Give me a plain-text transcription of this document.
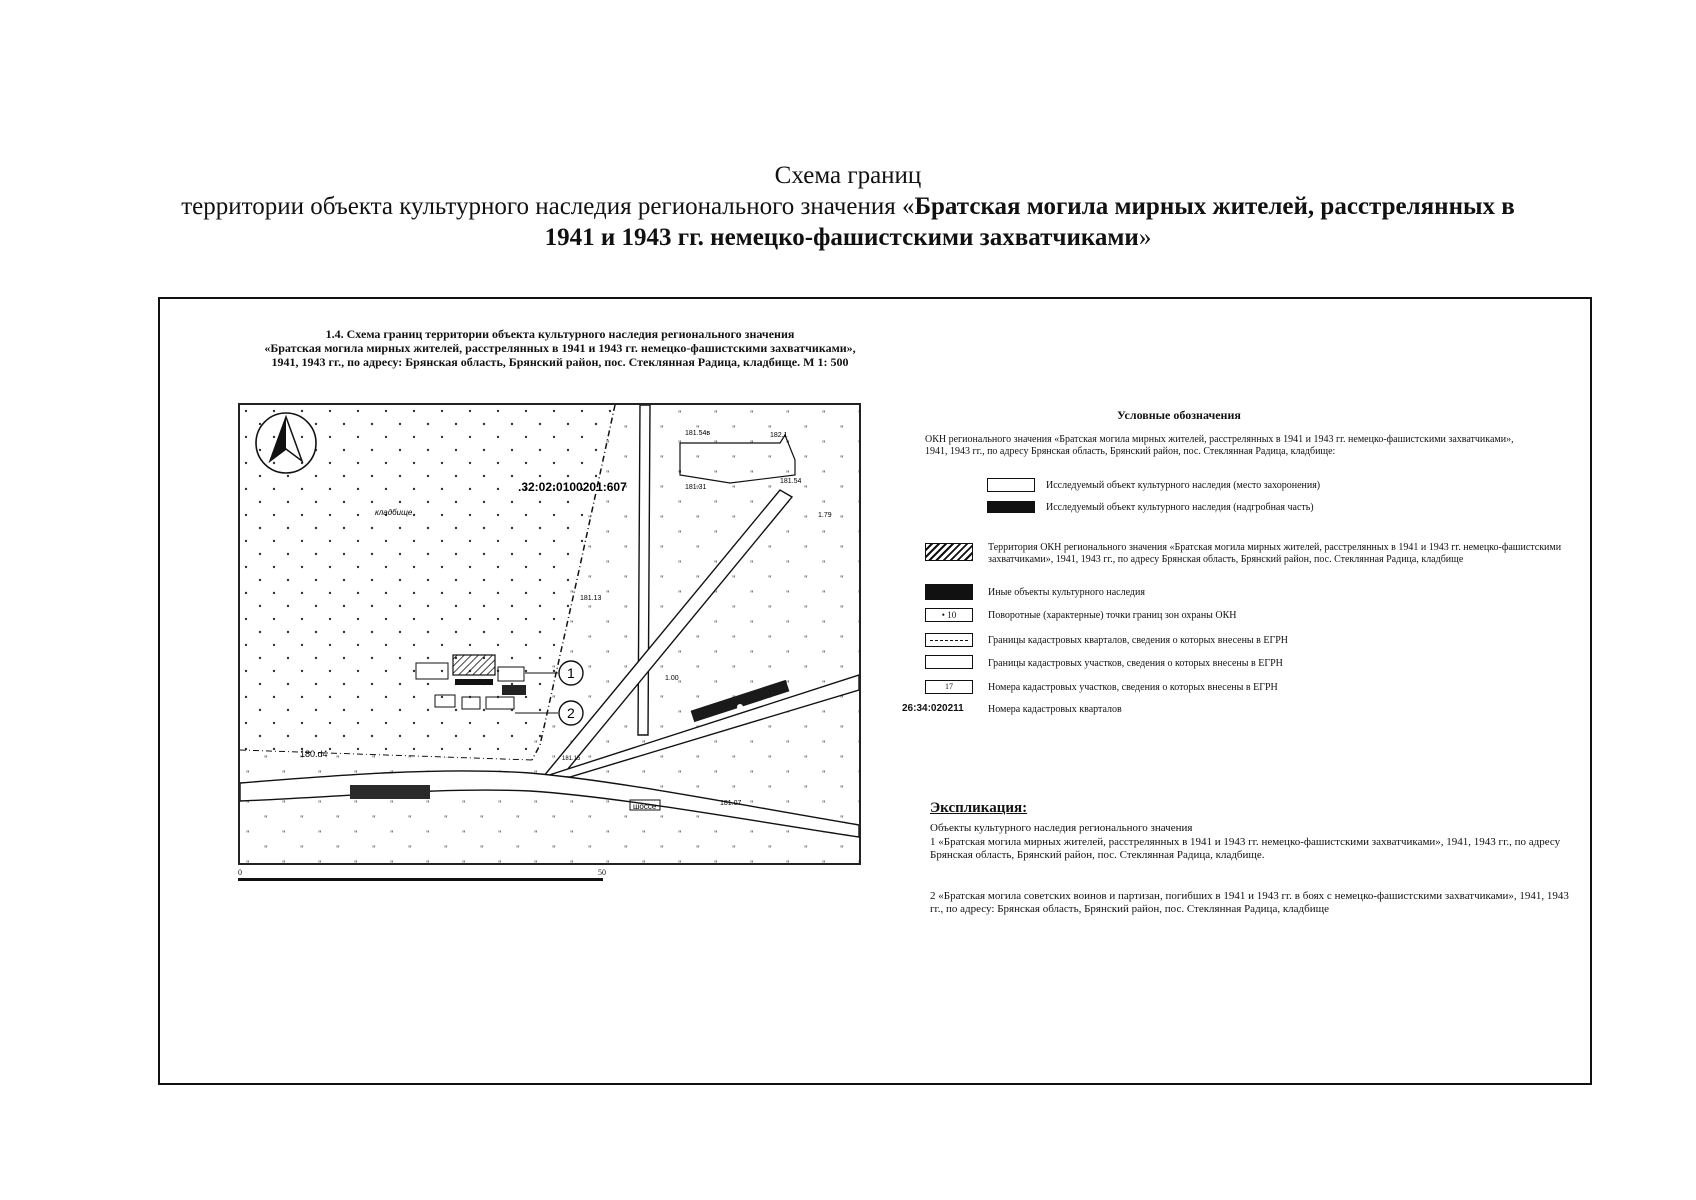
Схема границ
территории объекта культурного наследия регионального значения «Братская могила мирных жителей, расстрелянных в
1941 и 1943 гг. немецко-фашистскими захватчиками»
1.4. Схема границ территории объекта культурного наследия регионального значения
«Братская могила мирных жителей, расстрелянных в 1941 и 1943 гг. немецко-фашистскими захватчиками»,
1941, 1943 гг., по адресу: Брянская область, Брянский район, пос. Стеклянная Радица, кладбище. М 1: 500
шоссе
1
2
.32:02:0100201:607
кладбище
181.54в	182.1
181.54
181.31
181.13
180.d4	181.15
181.07
1.79
1.00
0	50
Условные обозначения
ОКН регионального значения «Братская могила мирных жителей, расстрелянных в 1941 и 1943 гг. немецко-фашистскими захватчиками», 1941, 1943 гг., по адресу Брянская область, Брянский район, пос. Стеклянная Радица, кладбище:
Исследуемый объект культурного наследия (место захоронения)
Исследуемый объект культурного наследия (надгробная часть)
Территория ОКН регионального значения «Братская могила мирных жителей, расстрелянных в 1941 и 1943 гг. немецко-фашистскими захватчиками», 1941, 1943 гг., по адресу Брянская область, Брянский район, пос. Стеклянная Радица, кладбище
Иные объекты культурного наследия
• 10	Поворотные (характерные) точки границ зон охраны ОКН
Границы кадастровых кварталов, сведения о которых внесены в ЕГРН
Границы кадастровых участков, сведения о которых внесены в ЕГРН
17	Номера кадастровых участков, сведения о которых внесены в ЕГРН
26:34:020211 Номера кадастровых кварталов
Экспликация:
Объекты культурного наследия регионального значения
1 «Братская могила мирных жителей, расстрелянных в 1941 и 1943 гг. немецко-фашистскими захватчиками», 1941, 1943 гг., по адресу Брянская область, Брянский район, пос. Стеклянная Радица, кладбище.
2 «Братская могила советских воинов и партизан, погибших в 1941 и 1943 гг. в боях с немецко-фашистскими захватчиками», 1941, 1943 гг., по адресу: Брянская область, Брянский район, пос. Стеклянная Радица, кладбище
